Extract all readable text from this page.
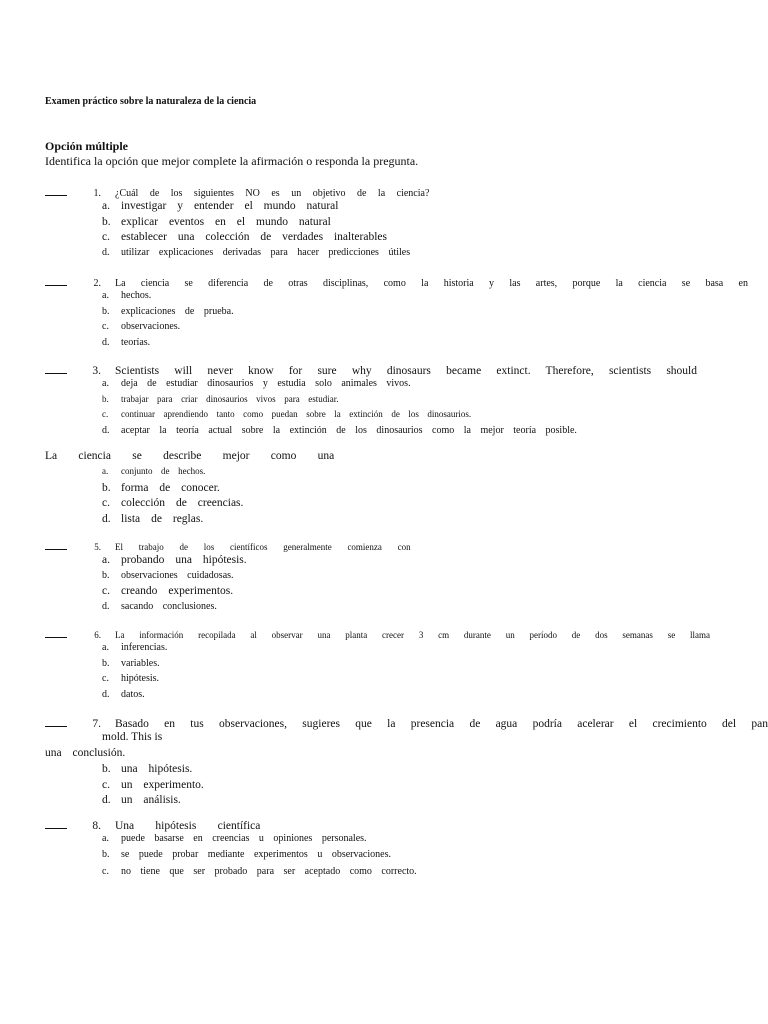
Examen práctico sobre la naturaleza de la ciencia
Opción múltiple
Identifica la opción que mejor complete la afirmación o responda la pregunta.
1. ¿Cuál de los siguientes NO es un objetivo de la ciencia?
a. investigar y entender el mundo natural
b. explicar eventos en el mundo natural
c. establecer una colección de verdades inalterables
d.	utilizar explicaciones derivadas para hacer predicciones útiles
2. La ciencia se diferencia de otras disciplinas, como la historia y las artes, porque la ciencia se basa en
a.	hechos.
b.	explicaciones de prueba.
c.	observaciones.
d.	teorías.
3. Scientists will never know for sure why dinosaurs became extinct. Therefore, scientists should
a.	deja de estudiar dinosaurios y estudia solo animales vivos.
b.	trabajar para criar dinosaurios vivos para estudiar.
c.	continuar aprendiendo tanto como puedan sobre la extinción de los dinosaurios.
d.	aceptar la teoría actual sobre la extinción de los dinosaurios como la mejor teoría posible.
La ciencia se describe mejor como una
a.	conjunto de hechos.
b. forma de conocer.
c. colección de creencias.
d. lista de reglas.
5. El trabajo de los científicos generalmente comienza con
a. probando una hipótesis.
b.	observaciones cuidadosas.
c. creando experimentos.
d.	sacando conclusiones.
6. La información recopilada al observar una planta crecer 3 cm durante un período de dos semanas se llama
a.	inferencias.
b.	variables.
c.	hipótesis.
d.	datos.
7. Basado en tus observaciones, sugieres que la presencia de agua podría acelerar el crecimiento del pan
mold. This is
una conclusión.
b. una hipótesis.
c. un experimento.
d. un análisis.
8. Una hipótesis científica
a.	puede basarse en creencias u opiniones personales.
b.	se puede probar mediante experimentos u observaciones.
c.	no tiene que ser probado para ser aceptado como correcto.
